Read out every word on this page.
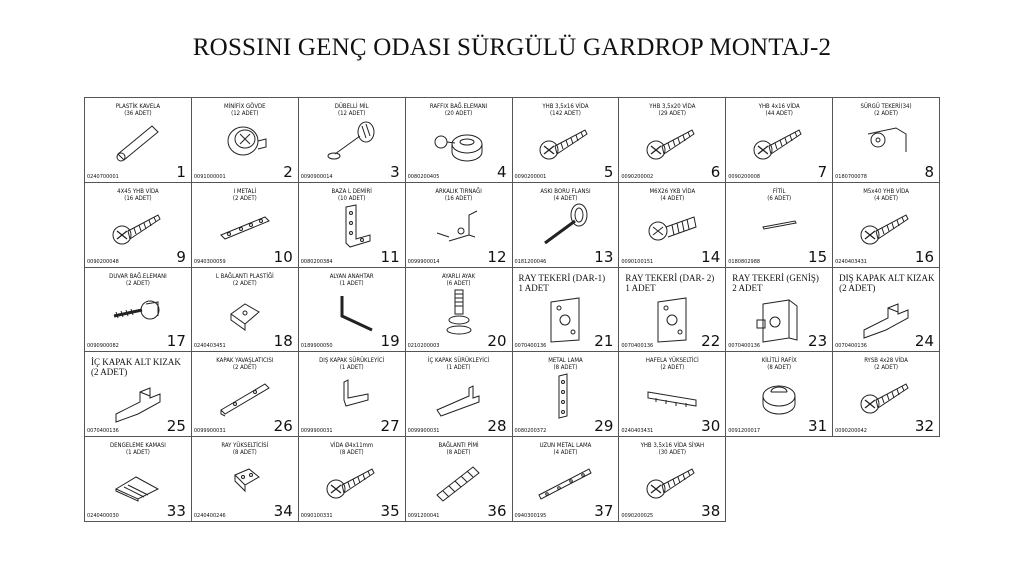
ROSSINI GENÇ ODASI SÜRGÜLÜ GARDROP MONTAJ-2
PLASTİK KAVELA
(36 ADET)
0240700001	1
MİNİFİX GÖVDE
(12 ADET)
0091000001	2
DÜBELLİ MİL
(12 ADET)
0090900014	3
RAFFIX BAĞ.ELEMANI
(20 ADET)
0080200405	4
YHB 3,5x16 VİDA
(142 ADET)
0090200001	5
YHB 3,5x20 VİDA
(29 ADET)
0090200002	6
YHB 4x16 VİDA
(44 ADET)
0090200008	7
SÜRGÜ TEKERİ(34)
(2 ADET)
0180700078	8
4X45 YHB VİDA
(16 ADET)
0090200048	9
I METALİ
(2 ADET)
0940300059	10
BAZA L DEMİRİ
(10 ADET)
0080200384	11
ARKALIK TIRNAĞI
(16 ADET)
0099900014	12
ASKI BORU FLANSI
(4 ADET)
0181200046	13
M6X26 YKB VİDA
(4 ADET)
0090100151	14
FİTİL
(6 ADET)
0180802988	15
M5x40 YHB VİDA
(4 ADET)
0240403431	16
DUVAR BAĞ.ELEMANI
(2 ADET)
0090900082	17
L BAĞLANTI PLASTİĞİ
(2 ADET)
0240403451	18
ALYAN ANAHTAR
(1 ADET)
0189900050	19
AYARLI AYAK
(6 ADET)
0210200003	20
RAY TEKERİ (DAR-1)
1 ADET
0070400136	21
RAY TEKERİ (DAR- 2)
1 ADET
0070400136	22
RAY TEKERİ (GENİŞ)
2 ADET
0070400136	23
DIŞ KAPAK ALT KIZAK
(2 ADET)
0070400136	24
İÇ KAPAK ALT KIZAK
(2 ADET)
0070400136	25
KAPAK YAVAŞLATICISI
(2 ADET)
0099900031	26
DIŞ KAPAK SÜRÜKLEYİCİ
(1 ADET)
0099900031	27
İÇ KAPAK SÜRÜKLEYİCİ
(1 ADET)
0099900031	28
METAL LAMA
(8 ADET)
0080200372	29
HAFELA YÜKSELTİCİ
(2 ADET)
0240403431	30
KİLİTLİ RAFİX
(8 ADET)
0091200017	31
RYSB 4x28 VİDA
(2 ADET)
0090200042	32
DENGELEME KAMASI
(1 ADET)
0240400030	33
RAY YÜKSELTİCİSİ
(8 ADET)
0240400246	34
VİDA Ø4x11mm
(8 ADET)
0090100331	35
BAĞLANTI PİMİ
(8 ADET)
0091200041	36
UZUN METAL LAMA
(4 ADET)
0940300195	37
YHB 3,5x16 VİDA SİYAH
(30 ADET)
0090200025	38
